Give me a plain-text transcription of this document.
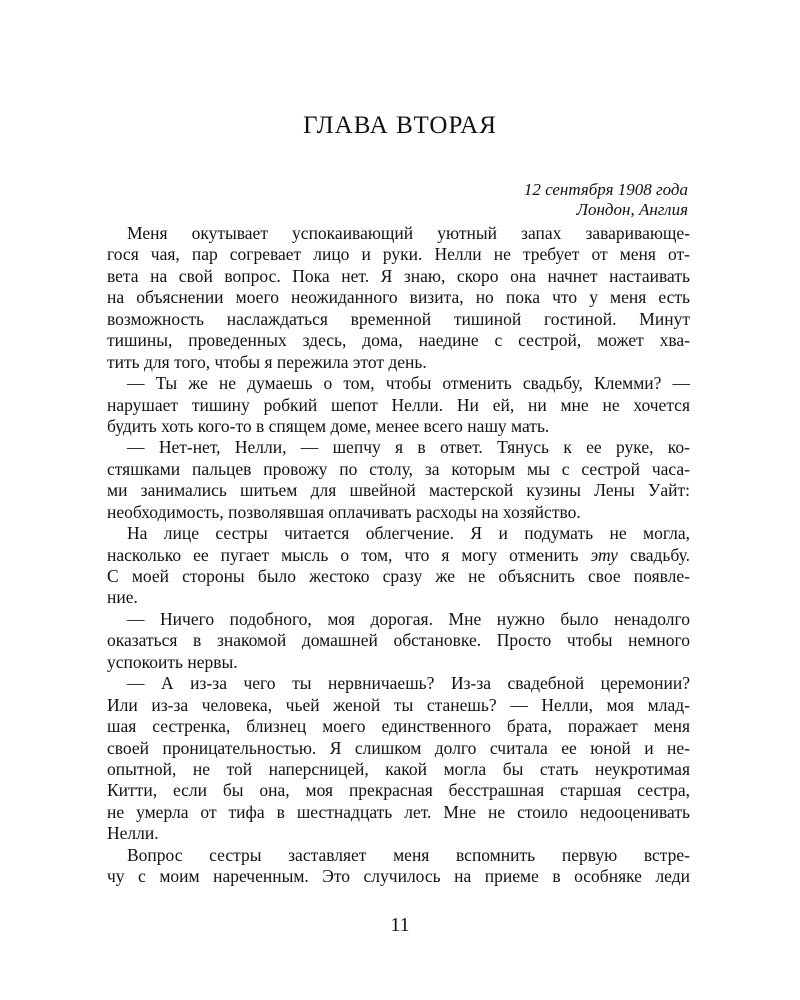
ГЛАВА ВТОРАЯ
12 сентября 1908 года
Лондон, Англия
Меня окутывает успокаивающий уютный запах заваривающе-
гося чая, пар согревает лицо и руки. Нелли не требует от меня от-
вета на свой вопрос. Пока нет. Я знаю, скоро она начнет настаивать
на объяснении моего неожиданного визита, но пока что у меня есть
возможность наслаждаться временной тишиной гостиной. Минут
тишины, проведенных здесь, дома, наедине с сестрой, может хва-
тить для того, чтобы я пережила этот день.
— Ты же не думаешь о том, чтобы отменить свадьбу, Клемми? —
нарушает тишину робкий шепот Нелли. Ни ей, ни мне не хочется
будить хоть кого-то в спящем доме, менее всего нашу мать.
— Нет-нет, Нелли, — шепчу я в ответ. Тянусь к ее руке, ко-
стяшками пальцев провожу по столу, за которым мы с сестрой часа-
ми занимались шитьем для швейной мастерской кузины Лены Уайт:
необходимость, позволявшая оплачивать расходы на хозяйство.
На лице сестры читается облегчение. Я и подумать не могла,
насколько ее пугает мысль о том, что я могу отменить эту свадьбу.
С моей стороны было жестоко сразу же не объяснить свое появле-
ние.
— Ничего подобного, моя дорогая. Мне нужно было ненадолго
оказаться в знакомой домашней обстановке. Просто чтобы немного
успокоить нервы.
— А из-за чего ты нервничаешь? Из-за свадебной церемонии?
Или из-за человека, чьей женой ты станешь? — Нелли, моя млад-
шая сестренка, близнец моего единственного брата, поражает меня
своей проницательностью. Я слишком долго считала ее юной и не-
опытной, не той наперсницей, какой могла бы стать неукротимая
Китти, если бы она, моя прекрасная бесстрашная старшая сестра,
не умерла от тифа в шестнадцать лет. Мне не стоило недооценивать
Нелли.
Вопрос сестры заставляет меня вспомнить первую встре-
чу с моим нареченным. Это случилось на приеме в особняке леди
11
